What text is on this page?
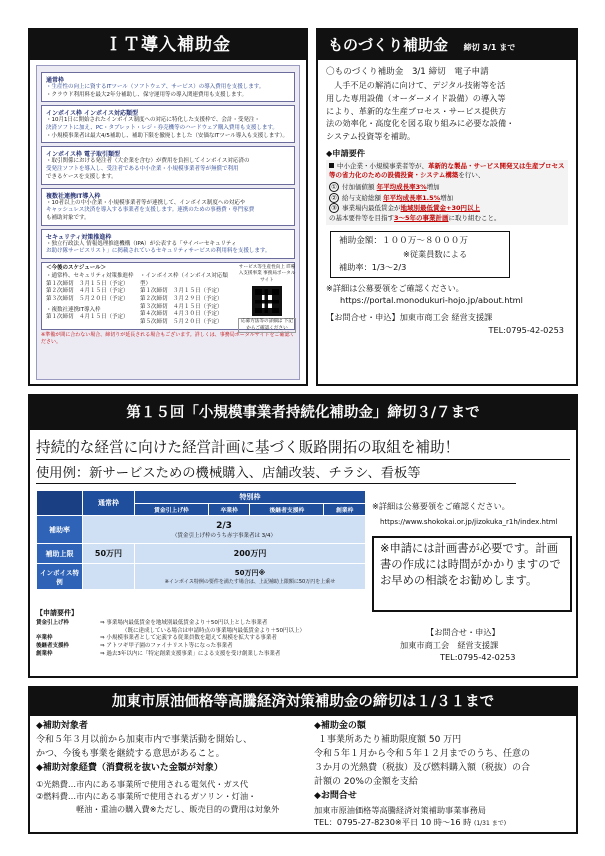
ＩＴ導入補助金
通常枠
・生産性の向上に資するITツール（ソフトウェア、サービス）の導入費用を支援します。
・クラウド利用料を最大2年分補助し、保守運用等の導入関連費用も支援します。
インボイス枠 インボイス対応類型
・10月1日に開始されたインボイス制度への対応に特化した支援枠で、会計・受発注・
決済ソフトに加え、PC・タブレット・レジ・券売機等のハードウェア購入費用も支援します。
・小規模事業者は最大4/5補助し、補助下限を撤廃しました（安価なITツール導入も支援します）。
インボイス枠 電子取引類型
・取引関係における発注者（大企業を含む）が費用を負担してインボイス対応済の
受発注ソフトを導入し、受注者である中小企業・小規模事業者等が無償で利用
できるケースを支援します。
複数社連携IT導入枠
・10者以上の中小企業・小規模事業者等が連携して、インボイス制度への対応や
キャッシュレス決済を導入する事業者を支援します。連携のための事務費・専門家費
も補助対象です。
セキュリティ対策推進枠
・独立行政法人 情報処理推進機構（IPA）が公表する「サイバーセキュリティ
お助け隊サービスリスト」に掲載されているセキュリティサービスの利用料を支援します。
＜今後のスケジュール＞
・通常枠、セキュリティ対策推進枠
第１次締切　３月１５日（予定）
第２次締切　４月１５日（予定）
第３次締切　５月２０日（予定）
・複数社連携IT導入枠
第１次締切　４月１５日（予定）
・インボイス枠（インボイス対応類型）
第１次締切　３月１５日（予定）
第２次締切　３月２９日（予定）
第３次締切　４月１５日（予定）
第４次締切　４月３０日（予定）
第５次締切　５月２０日（予定）
サービス等生産性向上 IT導入支援事業 事務局ポータルサイト
応募方法等の詳細は 下記からご確認ください
※準備が間に合わない場合、締切りが延長される場合もございます。詳しくは、事務局ポータルサイトをご確認ください。
ものづくり補助金 締切 3/1 まで
〇ものづくり補助金　3/1 締切　電子申請
人手不足の解消に向けて、デジタル技術等を活
用した専用設備（オーダーメイド設備）の導入等
により、革新的な生産プロセス・サービス提供方
法の効率化・高度化を図る取り組みに必要な設備・
システム投資等を補助。
◆申請要件
中小企業・小規模事業者等が、革新的な製品・サービス開発又は生産プロセス等の省力化のための設備投資・システム構築を行い、
① 付加価値額 年平均成長率3%増加
② 給与支給総額 年平均成長率1.5%増加
③ 事業場内最低賃金が地域別最低賃金+30円以上
の基本要件等を目指す3〜5年の事業計画に取り組むこと。
補助金額：１００万〜８０００万
※従業員数による
補助率：1/3〜2/3
※詳細は公募要領をご確認ください。
https://portal.monodukuri-hojo.jp/about.html
【お問合せ・申込】加東市商工会 経営支援課
TEL:0795-42-0253
第１５回「小規模事業者持続化補助金」締切３/７まで
持続的な経営に向けた経営計画に基づく販路開拓の取組を補助！
使用例：新サービスための機械購入、店舗改装、チラシ、看板等
	通常枠	特別枠			
		賃金引上げ枠	卒業枠	後継者支援枠	創業枠
補助率	2/3
（賃金引上げ枠のうち赤字事業者は 3/4）				

補助上限	50万円	200万円			
インボイス特例		50万円※
※インボイス特例の要件を満たす場合は、上記補助上限額に50万円を上乗せ			
※詳細は公募要領をご確認ください。
https://www.shokokai.or.jp/jizokuka_r1h/index.html
※申請には計画書が必要です。計画書の作成には時間がかかりますのでお早めの相談をお勧めします。
【申請要件】
賃金引上げ枠	⇒ 事業場内最低賃金を地域別最低賃金より＋50円以上とした事業者
（既に達成している場合は申請時点の事業場内最低賃金より＋50円以上）
卒業枠	⇒ 小規模事業者として定義する従業員数を超えて規模を拡大する事業者
後継者支援枠	⇒ アトツギ甲子園のファイナリスト等になった事業者
創業枠	⇒ 過去3年以内に「特定創業支援事業」による支援を受け創業した事業者
【お問合せ・申込】
加東市商工会　経営支援課
TEL:0795-42-0253
加東市原油価格等高騰経済対策補助金の締切は１/３１まで
◆補助対象者
令和５年３月以前から加東市内で事業活動を開始し、
かつ、今後も事業を継続する意思があること。
◆補助対象経費（消費税を抜いた金額が対象）
①光熱費…市内にある事業所で使用される電気代・ガス代
②燃料費…市内にある事業所で使用されるガソリン・灯油・
軽油・重油の購入費※ただし、販売目的の費用は対象外
◆補助金の額
１事業所あたり補助限度額 50 万円
令和５年１月から令和５年１２月までのうち、任意の
３か月の光熱費（税抜）及び燃料購入額（税抜）の合
計額の 20%の金額を支給
◆お問合せ
加東市原油価格等高騰経済対策補助事業事務局
TEL：0795-27-8230※平日 10 時〜16 時 (1/31 まで)
